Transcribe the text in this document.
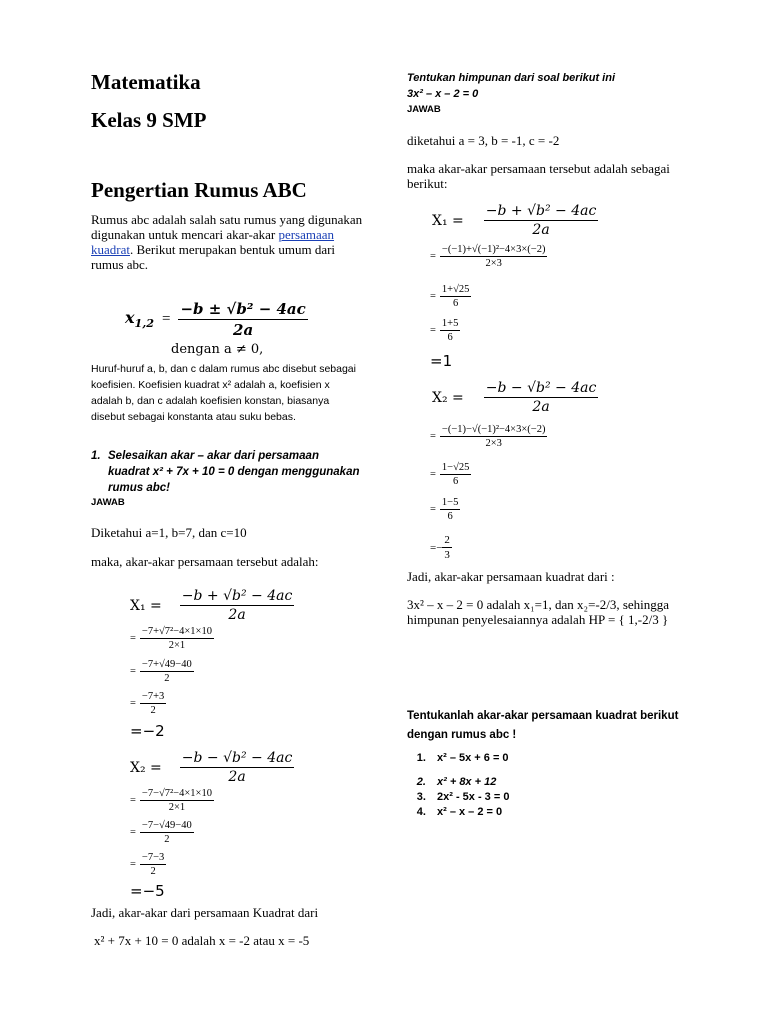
Matematika
Kelas 9 SMP
Pengertian Rumus ABC
Rumus abc adalah salah satu rumus yang digunakan digunakan untuk mencari akar-akar persamaan kuadrat. Berikut merupakan bentuk umum dari rumus abc.
$x_{1,2} = \frac{\text{−b ± √b² − 4ac}}{2a}$
dengan a ≠ 0,
Huruf-huruf a, b, dan c dalam rumus abc disebut sebagai koefisien. Koefisien kuadrat x² adalah a, koefisien x adalah b, dan c adalah koefisien konstan, biasanya disebut sebagai konstanta atau suku bebas.
1. Selesaikan akar – akar dari persamaan kuadrat x² + 7x + 10 = 0 dengan menggunakan rumus abc!
JAWAB
Diketahui a=1, b=7, dan c=10
maka, akar-akar persamaan tersebut adalah:
$X_1 = \frac{\text{−b + √b² − 4ac}}{2a}$
= $\frac{\text{−7+√7²−4×1×10}}{2\times 1}$
= $\frac{-7+√49-40}{2}$
= $\frac{-7+3}{2}$
=−2
$X_2 = \frac{\text{−b − √b² − 4ac}}{2a}$
= $\frac{\text{−7−√7²−4×1×10}}{2\times 1}$
= $\frac{-7-√49-40}{2}$
= $\frac{-7-3}{2}$
=−5
Jadi, akar-akar dari persamaan Kuadrat dari
x² + 7x + 10 = 0 adalah x = -2 atau x = -5
Tentukan himpunan dari soal berikut ini
3x² – x – 2 = 0
JAWAB
diketahui a = 3, b = -1, c = -2
maka akar-akar persamaan tersebut adalah sebagai berikut:
$X_1 = \frac{\text{−b + √b² − 4ac}}{2a}$
= $\frac{\text{−(−1)+√(−1)²−4×3×(−2)}}{2\times 3}$
= $\frac{1+√25}{6}$
= $\frac{1+5}{6}$
=1
$X_2 = \frac{\text{−b − √b² − 4ac}}{2a}$
= $\frac{\text{−(−1)−√(−1)²−4×3×(−2)}}{2\times 3}$
= $\frac{1-√25}{6}$
= $\frac{1-5}{6}$
=− $\frac{2}{3}$
Jadi, akar-akar persamaan kuadrat dari :
3x² – x – 2 = 0 adalah x₁=1, dan x₂=-2/3, sehingga himpunan penyelesaiannya adalah HP = { 1,-2/3 }
Tentukanlah akar-akar persamaan kuadrat berikut dengan rumus abc !
1. x² – 5x + 6 = 0
2. x² + 8x + 12
3. 2x² - 5x - 3 = 0
4. x² – x – 2 = 0
